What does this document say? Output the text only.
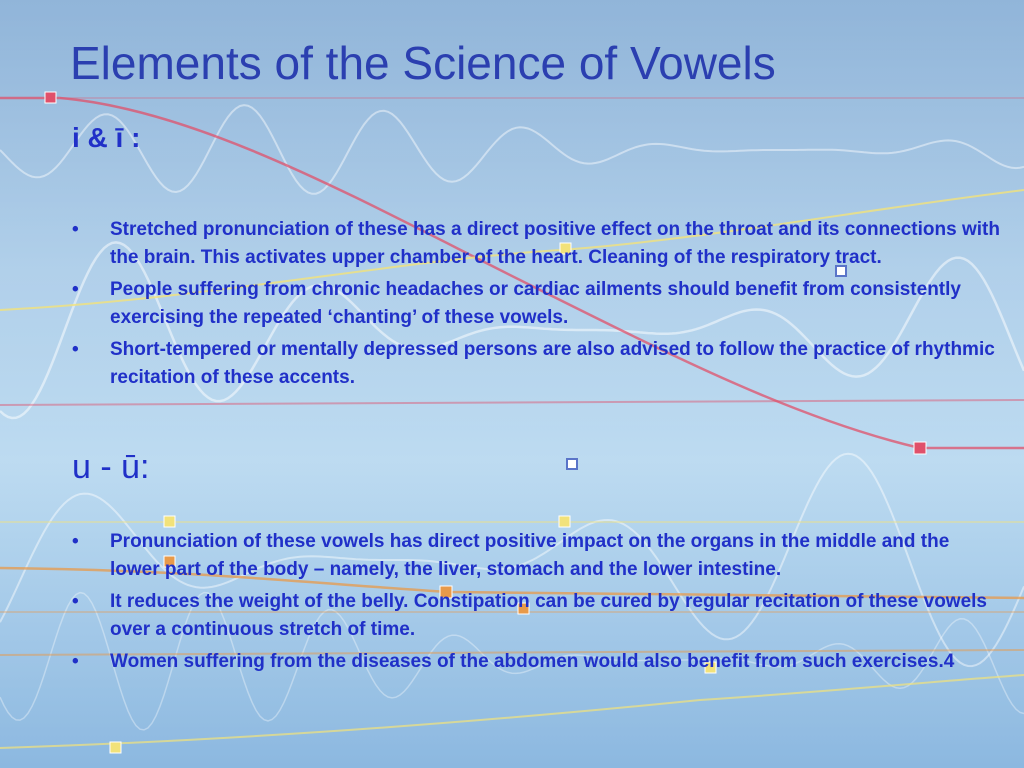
Elements of the Science of Vowels
i & ī :
• Stretched pronunciation of these has a direct positive effect on the throat and its connections with the brain. This activates upper chamber of the heart. Cleaning of the respiratory tract.
• People suffering from chronic headaches or cardiac ailments should benefit from consistently exercising the repeated ‘chanting’ of these vowels.
• Short-tempered or mentally depressed persons are also advised to follow the practice of rhythmic recitation of these accents.
u - ū:
• Pronunciation of these vowels has direct positive impact on the organs in the middle and the lower part of the body – namely, the liver, stomach and the lower intestine.
• It reduces the weight of the belly. Constipation can be cured by regular recitation of these vowels over a continuous stretch of time.
• Women suffering from the diseases of the abdomen would also benefit from such exercises.4
